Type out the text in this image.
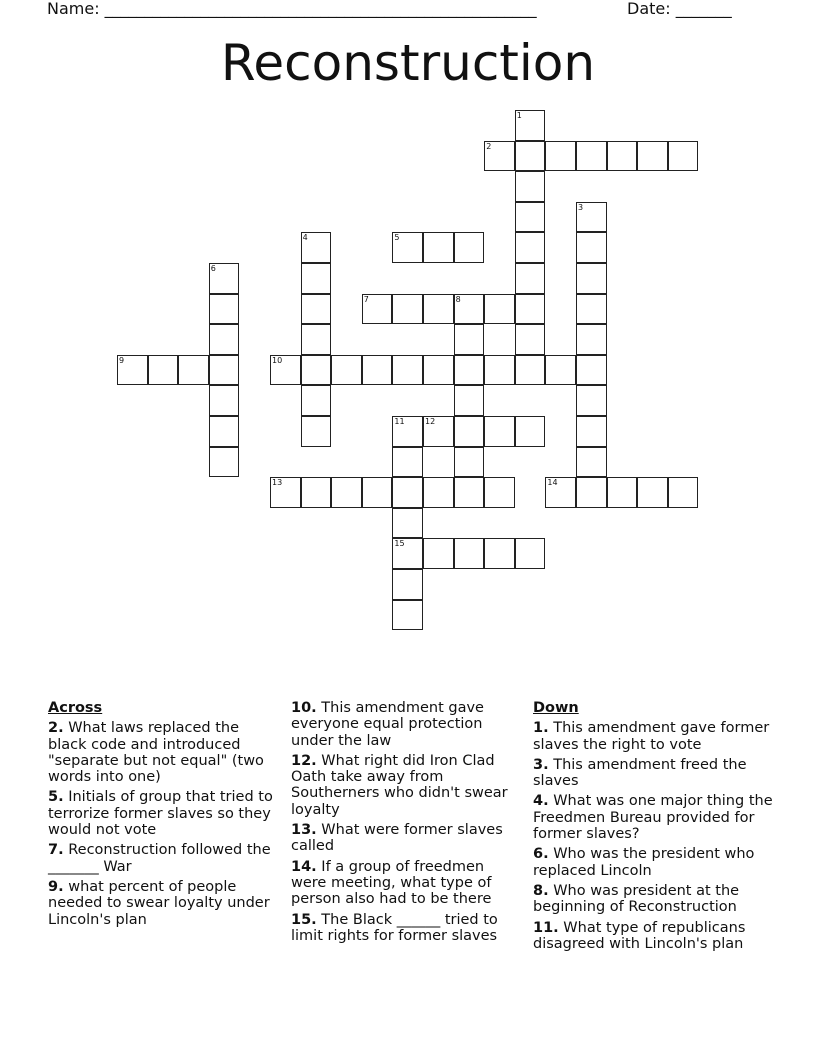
Name: ______________________________________________________	Date: _______
Reconstruction
1
2
3
4	5
6
7	8
9	10
11
15
12
13	14
Across
2. What laws replaced the black code and introduced "separate but not equal" (two words into one)
5. Initials of group that tried to terrorize former slaves so they would not vote
7. Reconstruction followed the _______ War
9. what percent of people needed to swear loyalty under Lincoln's plan
10. This amendment gave everyone equal protection under the law
12. What right did Iron Clad Oath take away from Southerners who didn't swear loyalty
13. What were former slaves called
14. If a group of freedmen were meeting, what type of person also had to be there
15. The Black ______ tried to limit rights for former slaves
Down
1. This amendment gave former slaves the right to vote
3. This amendment freed the slaves
4. What was one major thing the Freedmen Bureau provided for former slaves?
6. Who was the president who replaced Lincoln
8. Who was president at the beginning of Reconstruction
11. What type of republicans disagreed with Lincoln's plan
